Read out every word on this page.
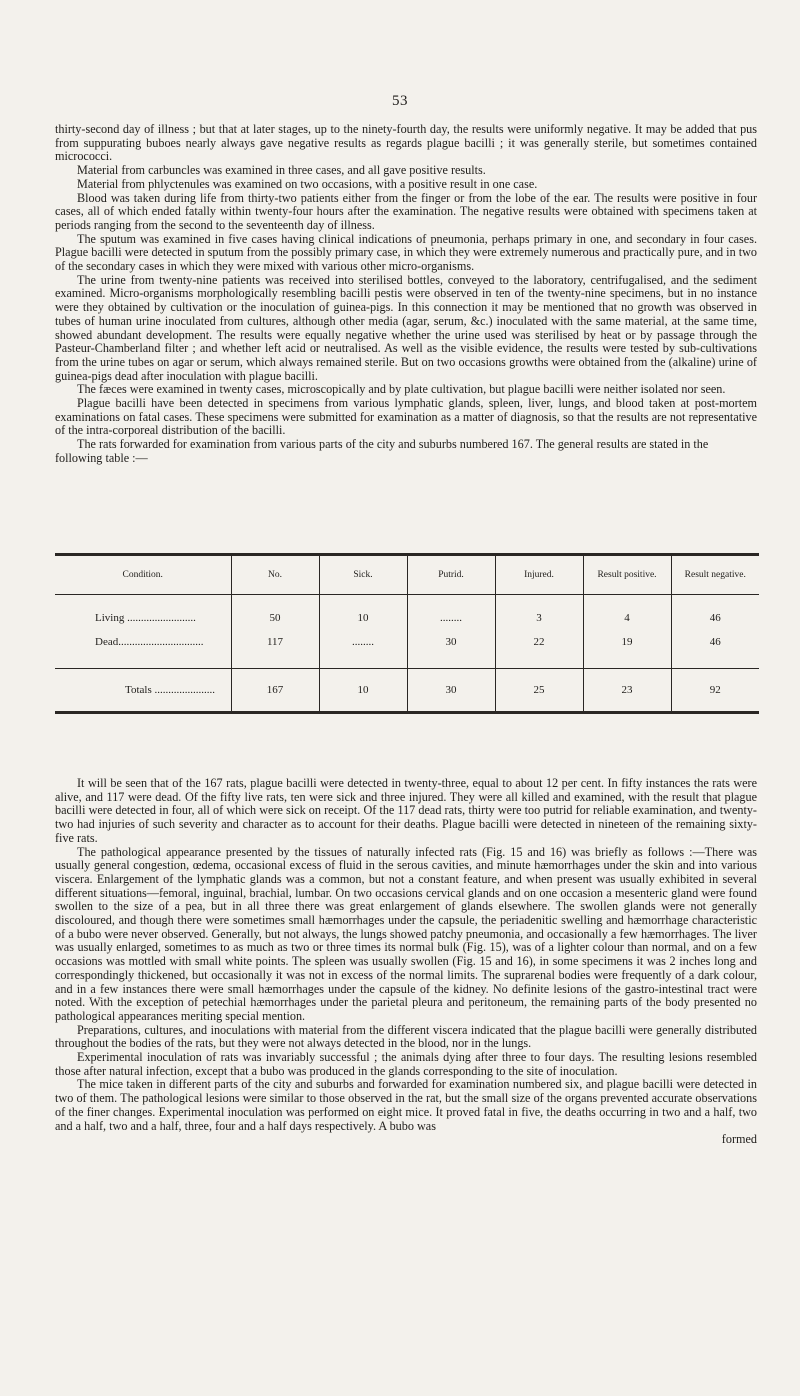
53

thirty-second day of illness ; but that at later stages, up to the ninety-fourth day, the results were uniformly negative. It may be added that pus from suppurating buboes nearly always gave negative results as regards plague bacilli ; it was generally sterile, but sometimes contained micrococci.

Material from carbuncles was examined in three cases, and all gave positive results.

Material from phlyctenules was examined on two occasions, with a positive result in one case.

Blood was taken during life from thirty-two patients either from the finger or from the lobe of the ear. The results were positive in four cases, all of which ended fatally within twenty-four hours after the examination. The negative results were obtained with specimens taken at periods ranging from the second to the seventeenth day of illness.

The sputum was examined in five cases having clinical indications of pneumonia, perhaps primary in one, and secondary in four cases. Plague bacilli were detected in sputum from the possibly primary case, in which they were extremely numerous and practically pure, and in two of the secondary cases in which they were mixed with various other micro-organisms.

The urine from twenty-nine patients was received into sterilised bottles, conveyed to the laboratory, centrifugalised, and the sediment examined. Micro-organisms morphologically resembling bacilli pestis were observed in ten of the twenty-nine specimens, but in no instance were they obtained by cultivation or the inoculation of guinea-pigs. In this connection it may be mentioned that no growth was observed in tubes of human urine inoculated from cultures, although other media (agar, serum, &c.) inoculated with the same material, at the same time, showed abundant development. The results were equally negative whether the urine used was sterilised by heat or by passage through the Pasteur-Chamberland filter ; and whether left acid or neutralised. As well as the visible evidence, the results were tested by sub-cultivations from the urine tubes on agar or serum, which always remained sterile. But on two occasions growths were obtained from the (alkaline) urine of guinea-pigs dead after inoculation with plague bacilli.

The fæces were examined in twenty cases, microscopically and by plate cultivation, but plague bacilli were neither isolated nor seen.

Plague bacilli have been detected in specimens from various lymphatic glands, spleen, liver, lungs, and blood taken at post-mortem examinations on fatal cases. These specimens were submitted for examination as a matter of diagnosis, so that the results are not representative of the intra-corporeal distribution of the bacilli.

The rats forwarded for examination from various parts of the city and suburbs numbered 167. The general results are stated in the following table :—

Condition.	No.	Sick.	Putrid.	Injured.	Result positive.	Result negative.
Living .........................	50	10	........	3	4	46
Dead...............................	117	........	30	22	19	46

Totals ......................	167	10	30	25	23	92

It will be seen that of the 167 rats, plague bacilli were detected in twenty-three, equal to about 12 per cent. In fifty instances the rats were alive, and 117 were dead. Of the fifty live rats, ten were sick and three injured. They were all killed and examined, with the result that plague bacilli were detected in four, all of which were sick on receipt. Of the 117 dead rats, thirty were too putrid for reliable examination, and twenty-two had injuries of such severity and character as to account for their deaths. Plague bacilli were detected in nineteen of the remaining sixty-five rats.

The pathological appearance presented by the tissues of naturally infected rats (Fig. 15 and 16) was briefly as follows :—There was usually general congestion, œdema, occasional excess of fluid in the serous cavities, and minute hæmorrhages under the skin and into various viscera. Enlargement of the lymphatic glands was a common, but not a constant feature, and when present was usually exhibited in several different situations—femoral, inguinal, brachial, lumbar. On two occasions cervical glands and on one occasion a mesenteric gland were found swollen to the size of a pea, but in all three there was great enlargement of glands elsewhere. The swollen glands were not generally discoloured, and though there were sometimes small hæmorrhages under the capsule, the periadenitic swelling and hæmorrhage characteristic of a bubo were never observed. Generally, but not always, the lungs showed patchy pneumonia, and occasionally a few hæmorrhages. The liver was usually enlarged, sometimes to as much as two or three times its normal bulk (Fig. 15), was of a lighter colour than normal, and on a few occasions was mottled with small white points. The spleen was usually swollen (Fig. 15 and 16), in some specimens it was 2 inches long and correspondingly thickened, but occasionally it was not in excess of the normal limits. The suprarenal bodies were frequently of a dark colour, and in a few instances there were small hæmorrhages under the capsule of the kidney. No definite lesions of the gastro-intestinal tract were noted. With the exception of petechial hæmorrhages under the parietal pleura and peritoneum, the remaining parts of the body presented no pathological appearances meriting special mention.

Preparations, cultures, and inoculations with material from the different viscera indicated that the plague bacilli were generally distributed throughout the bodies of the rats, but they were not always detected in the blood, nor in the lungs.

Experimental inoculation of rats was invariably successful ; the animals dying after three to four days. The resulting lesions resembled those after natural infection, except that a bubo was produced in the glands corresponding to the site of inoculation.

The mice taken in different parts of the city and suburbs and forwarded for examination numbered six, and plague bacilli were detected in two of them. The pathological lesions were similar to those observed in the rat, but the small size of the organs prevented accurate observations of the finer changes. Experimental inoculation was performed on eight mice. It proved fatal in five, the deaths occurring in two and a half, two and a half, two and a half, three, four and a half days respectively. A bubo was

formed
